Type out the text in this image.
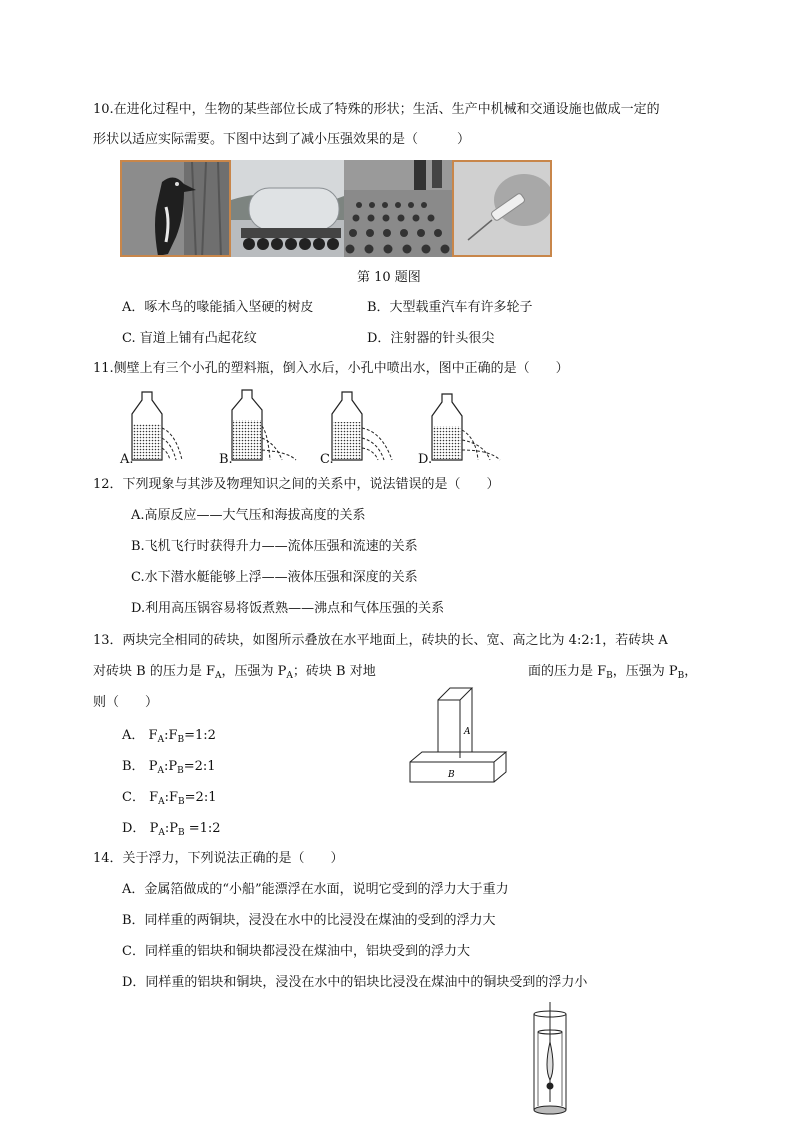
10.在进化过程中，生物的某些部位长成了特殊的形状；生活、生产中机械和交通设施也做成一定的
形状以适应实际需要。下图中达到了减小压强效果的是（　　　）
第 10 题图
A．啄木鸟的喙能插入坚硬的树皮	B．大型载重汽车有许多轮子
C. 盲道上铺有凸起花纹	D．注射器的针头很尖
11.侧壁上有三个小孔的塑料瓶，倒入水后，小孔中喷出水，图中正确的是（　　）
A.	B.	C.	D.
12．下列现象与其涉及物理知识之间的关系中，说法错误的是（　　）
A.高原反应——大气压和海拔高度的关系
B.飞机飞行时获得升力——流体压强和流速的关系
C.水下潜水艇能够上浮——液体压强和深度的关系
D.利用高压锅容易将饭煮熟——沸点和气体压强的关系
13．两块完全相同的砖块，如图所示叠放在水平地面上，砖块的长、宽、高之比为 4:2:1，若砖块 A
对砖块 B 的压力是 $F_A$，压强为 $P_A$；砖块 B 对地	面的压力是 $F_B$，压强为 $P_B$，
则（　　）
A
B
A． $F_A:F_B=1:2$
B． $P_A:P_B=2:1$
C． $F_A:F_B=2:1$
D． $P_A:P_B$ =1:2
14．关于浮力，下列说法正确的是（　　）
A．金属箔做成的“小船”能漂浮在水面，说明它受到的浮力大于重力
B．同样重的两铜块，浸没在水中的比浸没在煤油的受到的浮力大
C．同样重的铝块和铜块都浸没在煤油中，铝块受到的浮力大
D．同样重的铝块和铜块，浸没在水中的铝块比浸没在煤油中的铜块受到的浮力小
